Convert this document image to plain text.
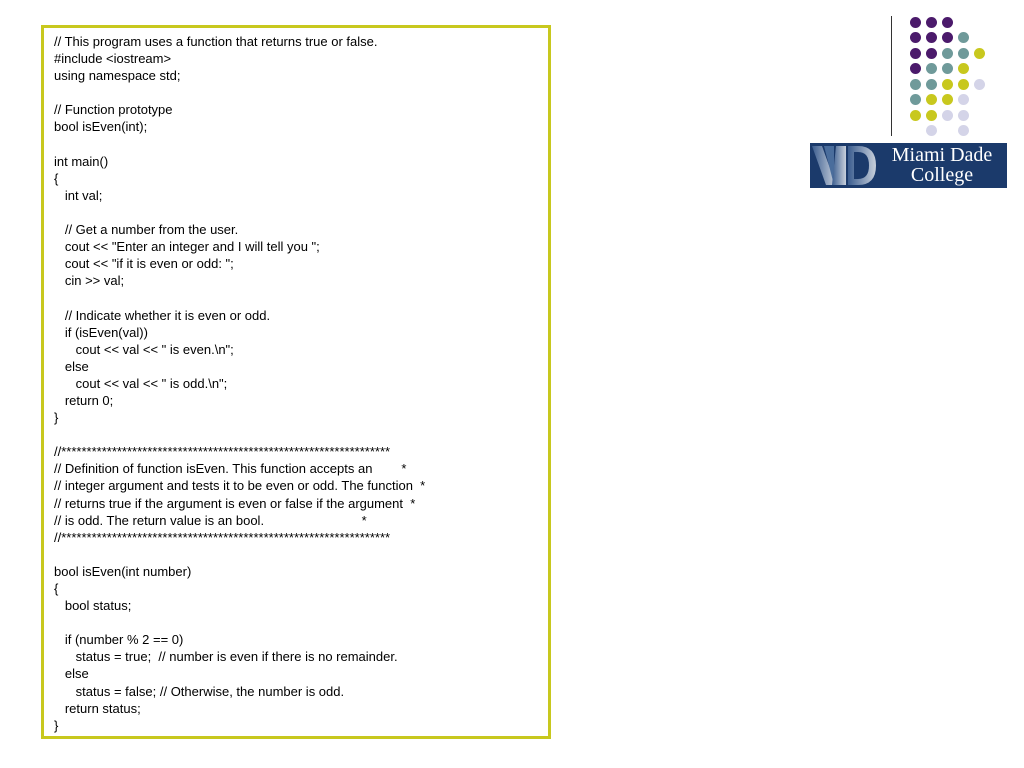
// This program uses a function that returns true or false.
#include <iostream>
using namespace std;
// Function prototype
bool isEven(int);
int main()
{
int val;
// Get a number from the user.
cout << "Enter an integer and I will tell you ";
cout << "if it is even or odd: ";
cin >> val;
// Indicate whether it is even or odd.
if (isEven(val))
cout << val << " is even.\n";
else
cout << val << " is odd.\n";
return 0;
}
//*****************************************************************
// Definition of function isEven. This function accepts an        *
// integer argument and tests it to be even or odd. The function  *
// returns true if the argument is even or false if the argument  *
// is odd. The return value is an bool.                           *
//*****************************************************************
bool isEven(int number)
{
bool status;
if (number % 2 == 0)
status = true;  // number is even if there is no remainder.
else
status = false; // Otherwise, the number is odd.
return status;
}
Miami Dade
College
